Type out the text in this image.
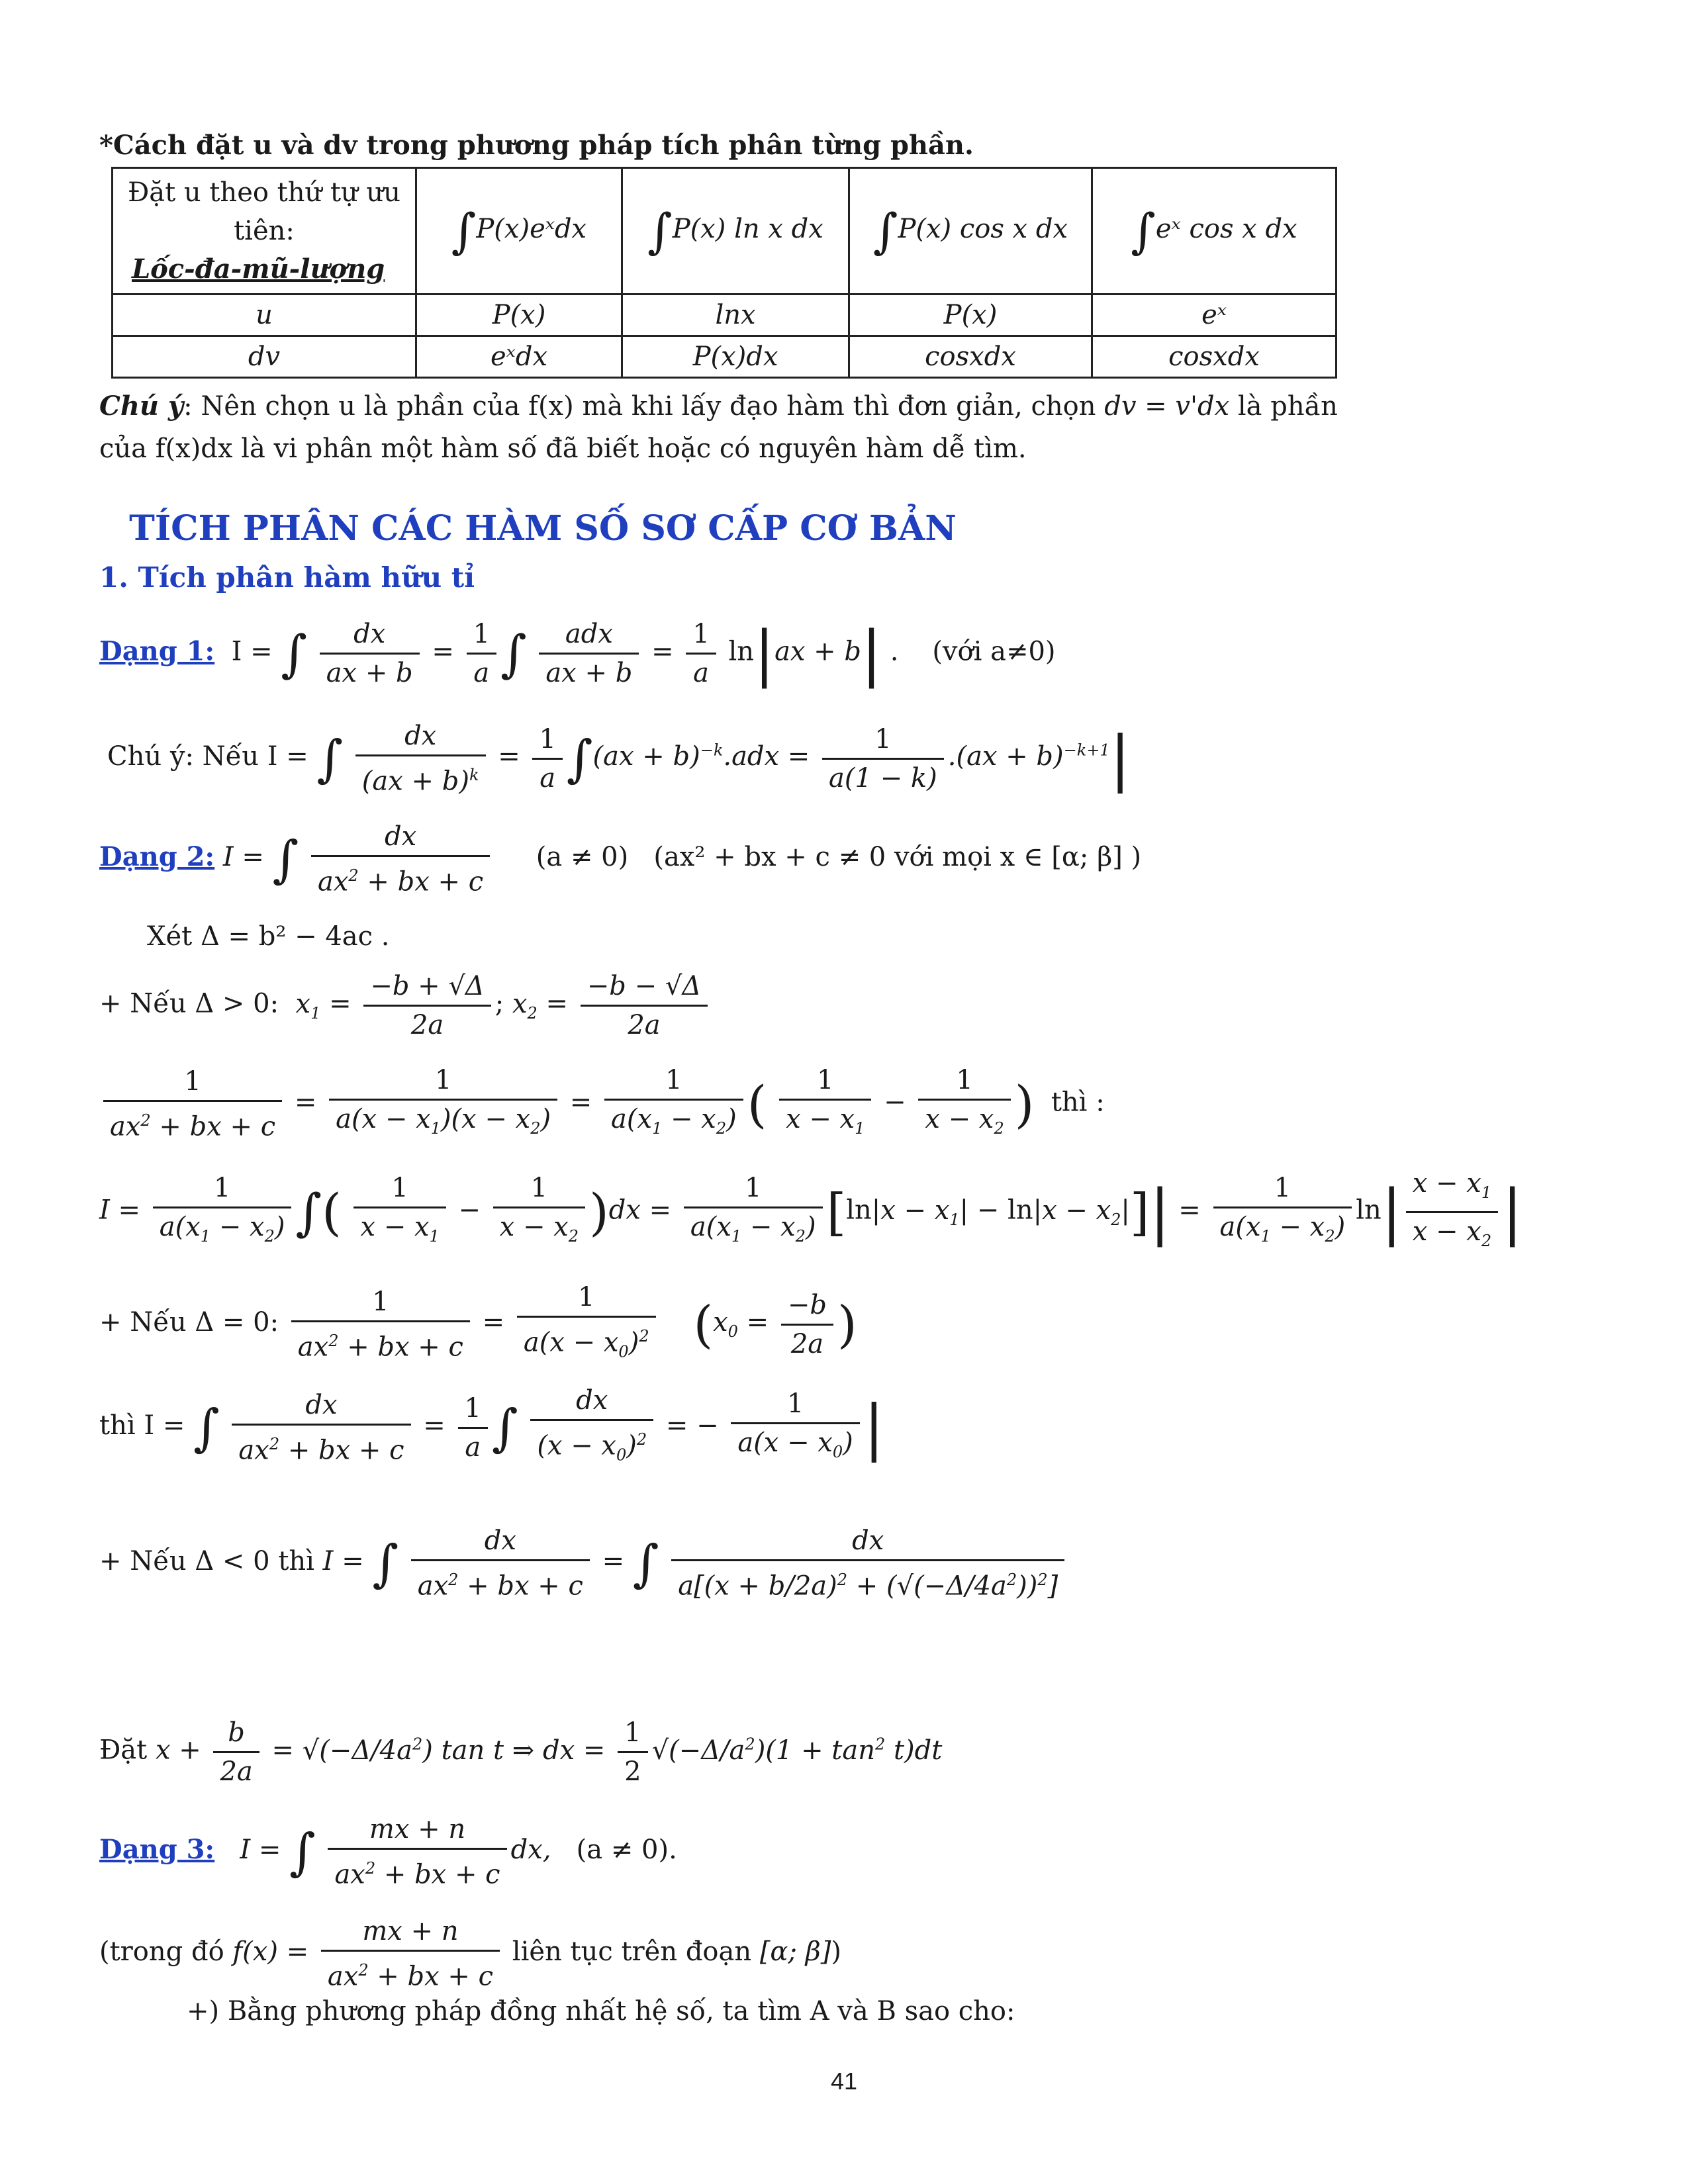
*Cách đặt u và dv trong phương pháp tích phân từng phần.
Đặt u theo thứ tự ưu
tiên:
Lốc-đa-mũ-lượng	∫P(x)eˣdx	∫P(x) ln x dx	∫P(x) cos x dx	∫eˣ cos x dx
u	P(x)	lnx	P(x)	eˣ
dv	eˣdx	P(x)dx	cosxdx	cosxdx
Chú ý: Nên chọn u là phần của f(x) mà khi lấy đạo hàm thì đơn giản, chọn dv = v'dx là phần
của f(x)dx là vi phân một hàm số đã biết hoặc có nguyên hàm dễ tìm.
TÍCH PHÂN CÁC HÀM SỐ SƠ CẤP CƠ BẢN
1. Tích phân hàm hữu tỉ
Dạng 1:  I = ∫ $\frac{dx}{ax + b} = \frac{1}{a}$ ∫ $\frac{\text{adx}}{ax + b} = \frac{1}{a} \ln|ax + b|$ .    (với a≠0)
Chú ý: Nếu I = ∫ $\frac{dx}{(ax + b)^k} = \frac{1}{a} \int(ax + b)^{-k}.adx = \frac{1}{a(1 - k)} .(ax + b)^{-k+1}|$
Dạng 2: I = ∫ $\frac{dx}{ax^2 + bx + c} (a \ne 0) (ax^2$ + bx + c ≠ 0 với mọi x ∈ [α; β] )
Xét Δ = b² − 4ac .
+ Nếu Δ > 0: $x_1 = \frac{-b + √\Delta}{2a}$ ; $x_2 = \frac{-b - √\Delta}{2a}$
$\frac{1}{ax^2 + bx + c} = \frac{1}{a(x - x_1)(x - x_2)} = \frac{1}{a(x_1 - x_2)}$ ( $\frac{1}{x - x_1} - \frac{1}{x - x_2}$ ) thì :
$I = \frac{1}{a(x_1 - x_2)}$ ∫( $\frac{1}{x - x_1} - \frac{1}{x - x_2} )dx = \frac{1}{a(x_1 - x_2)} [\ln|x - x_1| - \ln|x - x_2|]| = \frac{1}{a(x_1 - x_2)} \ln| \frac{x - x_1}{x - x_2}$ |
+ Nếu Δ = 0: $\frac{1}{ax^2 + bx + c} = \frac{1}{a(x - x_0)^2} (x_0 = \frac{-b}{2a}$ )
thì I = ∫ $\frac{dx}{ax^2 + bx + c} = \frac{1}{a}$ ∫ $\frac{dx}{(x - x_0)^2}$ = − $\frac{1}{a(x - x_0)}$ |
+ Nếu Δ < 0 thì I = ∫ $\frac{dx}{ax^2 + bx + c}$ = ∫ $\frac{dx}{a[(x + b/2a)^2 + (√(-\Delta/4a^2))^2]}$
Đặt $x + \frac{b}{2a} = √(-\Delta/4a^2)$ tan t ⇒ dx = $\frac{1}{2} √(-\Delta/a^2)(1 + \tan^2 t)dt$
Dạng 3: I = ∫ $\frac{mx + n}{ax^2 + bx + c}$ dx, (a ≠ 0).
(trong đó $f(x) = \frac{mx + n}{ax^2 + bx + c}$ liên tục trên đoạn [α; β])
+) Bằng phương pháp đồng nhất hệ số, ta tìm A và B sao cho:
41
